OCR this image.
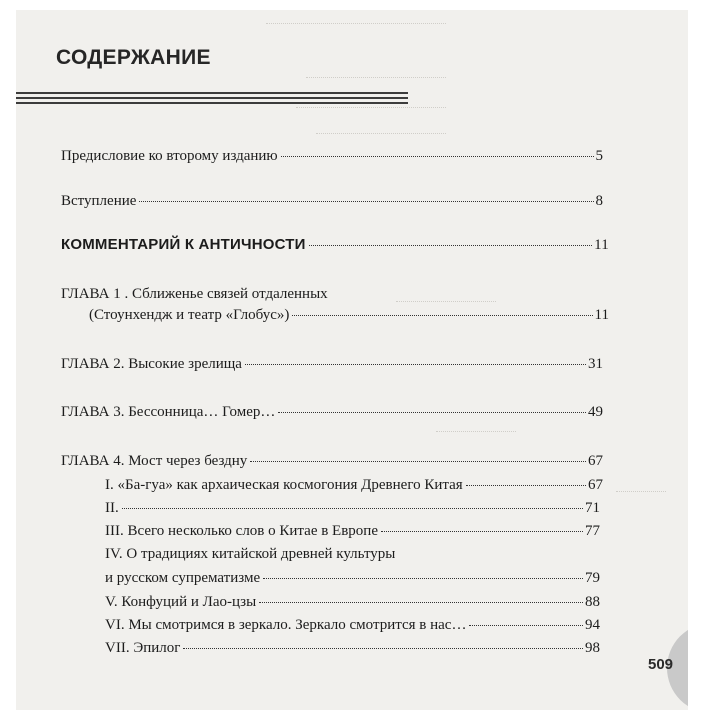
СОДЕРЖАНИЕ
Предисловие ко второму изданию	5
Вступление	8
КОММЕНТАРИЙ К АНТИЧНОСТИ	11
ГЛАВА 1 . Сближенье связей отдаленных
(Стоунхендж и театр «Глобус»)	11
ГЛАВА 2. Высокие зрелища	31
ГЛАВА 3. Бессонница… Гомер…	49
ГЛАВА 4. Мост через бездну	67
I. «Ба-гуа» как архаическая космогония Древнего Китая	67
II.	71
III. Всего несколько слов о Китае в Европе	77
IV. О традициях китайской древней культуры
и русском супрематизме	79
V. Конфуций и Лао-цзы	88
VI. Мы смотримся в зеркало. Зеркало смотрится в нас…	94
VII. Эпилог	98
509
